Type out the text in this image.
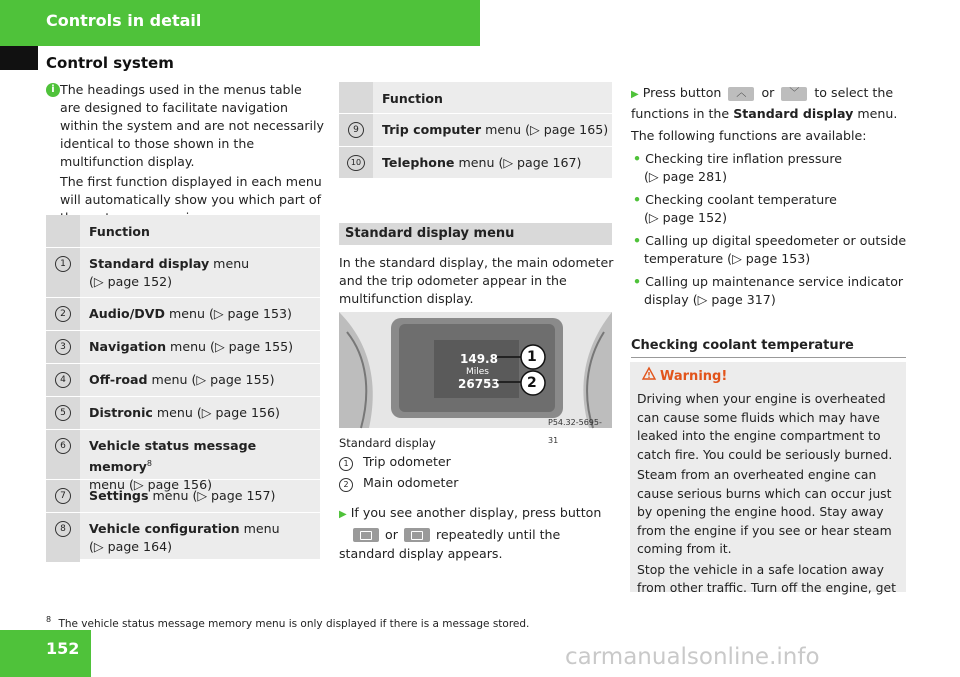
Controls in detail
Control system
i The headings used in the menus table are designed to facilitate navigation within the system and are not necessarily identical to those shown in the multifunction display.

The first function displayed in each menu will automatically show you which part of

Function
1	Standard display menu
(▷ page 152)
2	Audio/DVD menu (▷ page 153)
3	Navigation menu (▷ page 155)
4	Off-road menu (▷ page 155)
5	Distronic menu (▷ page 156)
6	Vehicle status message memory$^8$
menu (▷ page 156)
7	Settings menu (▷ page 157)
8	Vehicle configuration menu
(▷ page 164)
Function
9	Trip computer menu (▷ page 165)
10	Telephone menu (▷ page 167)
Standard display menu
In the standard display, the main odometer and the trip odometer appear in the multifunction display.
149.8
Miles
26753
1
2
P54.32-5695-31
Standard display
1 Trip odometer
2 Main odometer
▶ If you see another display, press button
or	repeatedly until the standard display appears.
▶ Press button ︿ or ﹀ to select the functions in the Standard display menu.
The following functions are available:
• Checking tire inflation pressure
(▷ page 281)
• Checking coolant temperature
(▷ page 152)
• Calling up digital speedometer or outside
temperature (▷ page 153)
• Calling up maintenance service indicator
display (▷ page 317)
Checking coolant temperature
Warning!

Driving when your engine is overheated can cause some fluids which may have leaked into the engine compartment to catch fire. You could be seriously burned.

Steam from an overheated engine can cause serious burns which can occur just by opening the engine hood. Stay away from the engine if you see or hear steam coming from it.

Stop the vehicle in a safe location away from other traffic. Turn off the engine, get

$^8$ The vehicle status message memory menu is only displayed if there is a message stored.
152	carmanualsonline.info
